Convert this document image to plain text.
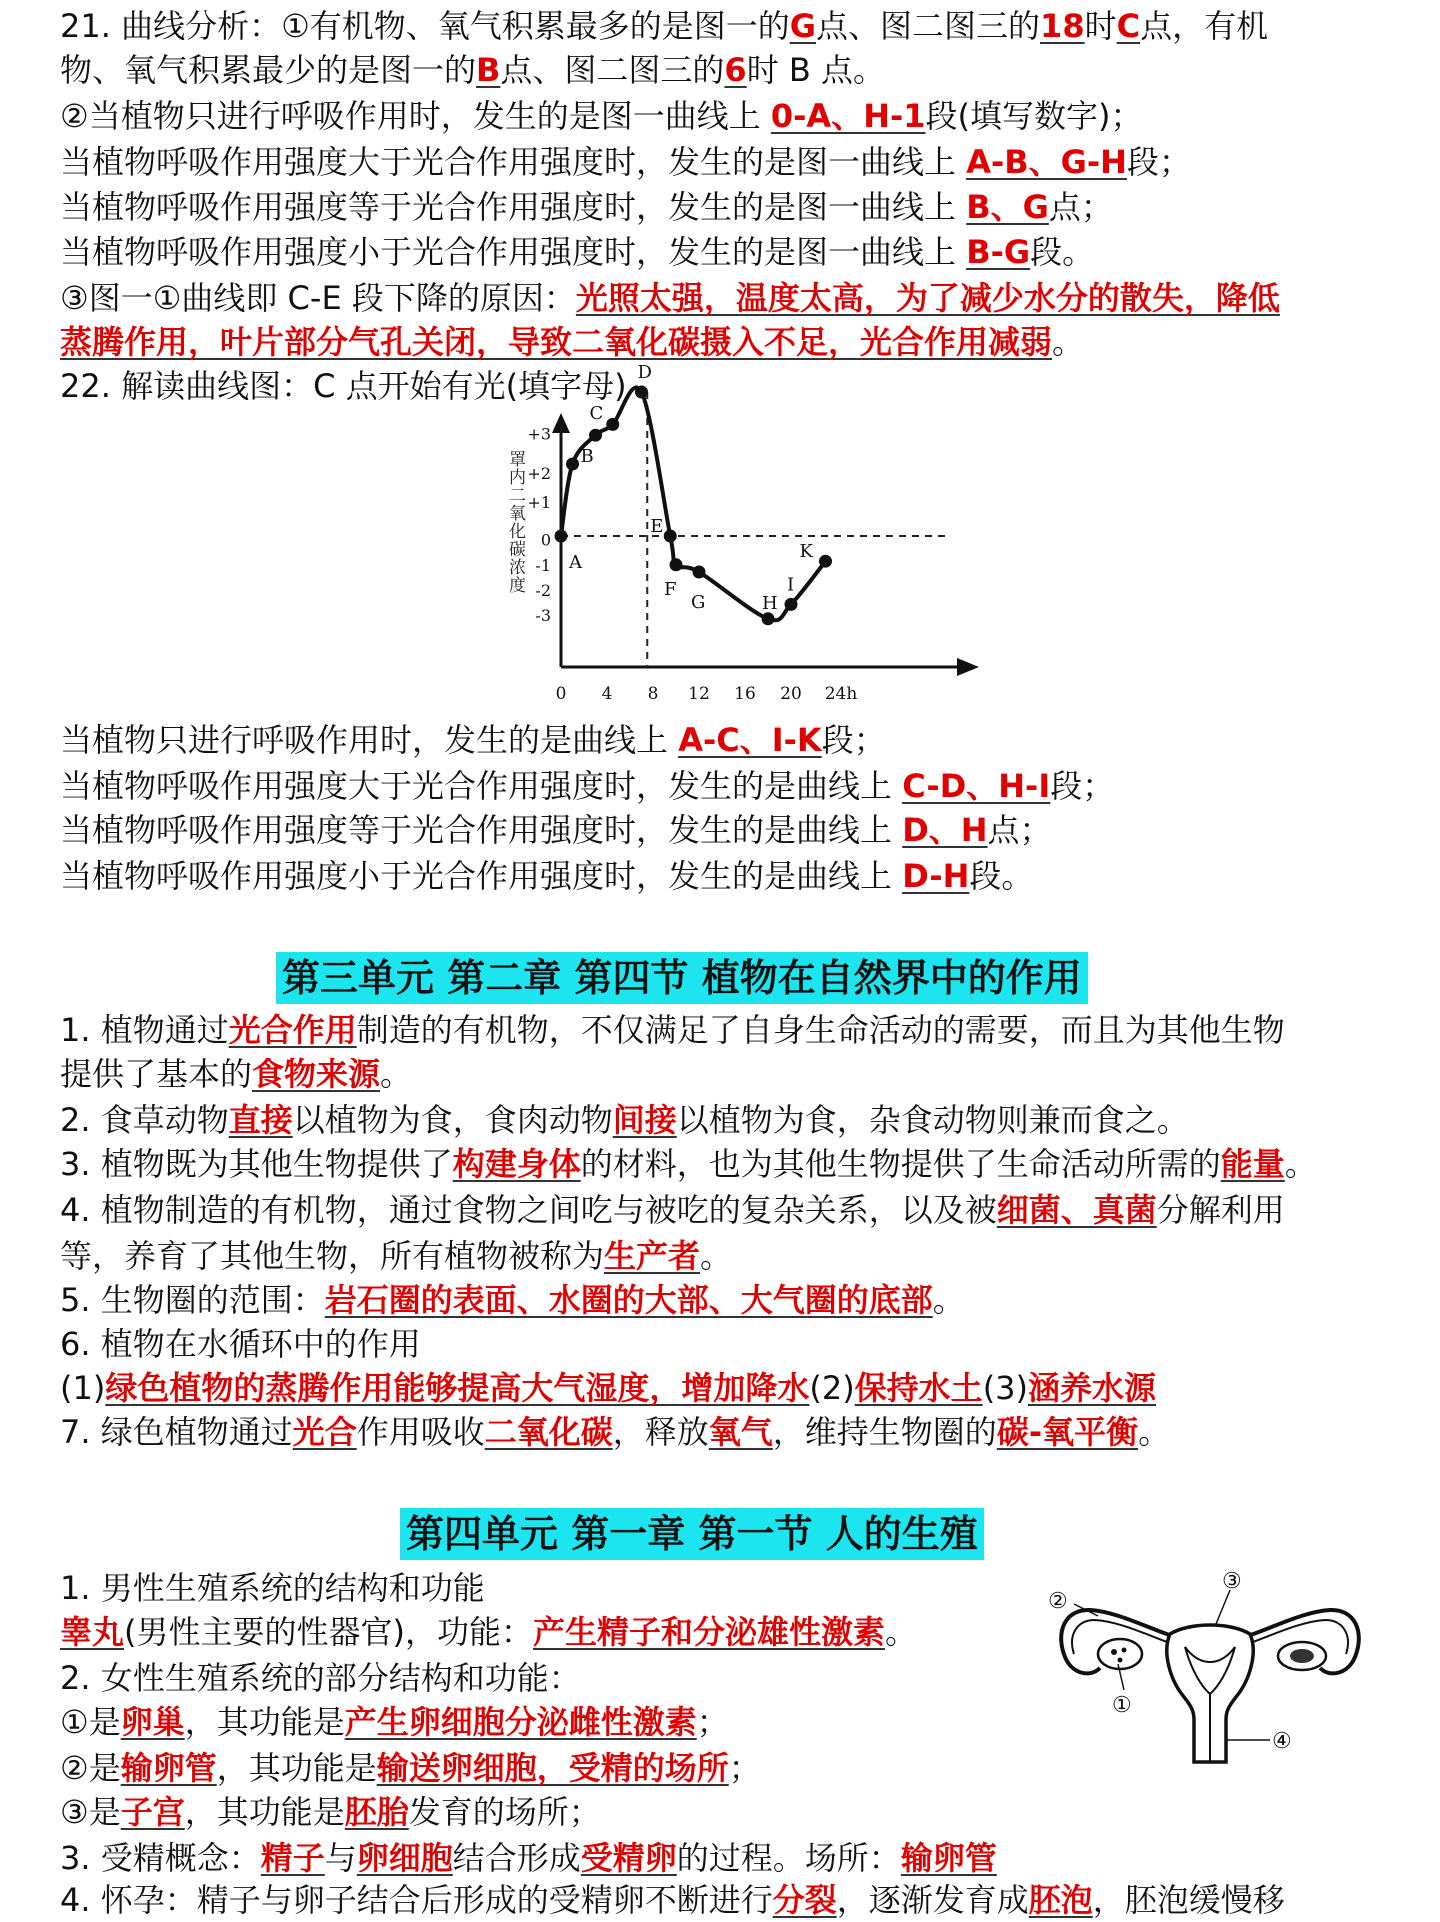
21. 曲线分析：①有机物、氧气积累最多的是图一的G点、图二图三的18时C点，有机
物、氧气积累最少的是图一的B点、图二图三的6时 B 点。
②当植物只进行呼吸作用时，发生的是图一曲线上 0-A、H-1段(填写数字)；
当植物呼吸作用强度大于光合作用强度时，发生的是图一曲线上 A-B、G-H段；
当植物呼吸作用强度等于光合作用强度时，发生的是图一曲线上 B、G点；
当植物呼吸作用强度小于光合作用强度时，发生的是图一曲线上 B-G段。
③图一①曲线即 C-E 段下降的原因：光照太强，温度太高，为了减少水分的散失，降低
蒸腾作用，叶片部分气孔关闭，导致二氧化碳摄入不足，光合作用减弱。
22. 解读曲线图：C 点开始有光(填字母)
罩内二氧化碳浓度
+3
+2
+1
0
-1
-2
-3
0 4 8 12 16 20 24h
A
B
C
D
E
F
G	H
I
K
当植物只进行呼吸作用时，发生的是曲线上 A-C、I-K段；
当植物呼吸作用强度大于光合作用强度时，发生的是曲线上 C-D、H-I段；
当植物呼吸作用强度等于光合作用强度时，发生的是曲线上 D、H点；
当植物呼吸作用强度小于光合作用强度时，发生的是曲线上 D-H段。
第三单元 第二章 第四节 植物在自然界中的作用
1. 植物通过光合作用制造的有机物，不仅满足了自身生命活动的需要，而且为其他生物
提供了基本的食物来源。
2. 食草动物直接以植物为食，食肉动物间接以植物为食，杂食动物则兼而食之。
3. 植物既为其他生物提供了构建身体的材料，也为其他生物提供了生命活动所需的能量。
4. 植物制造的有机物，通过食物之间吃与被吃的复杂关系，以及被细菌、真菌分解利用
等，养育了其他生物，所有植物被称为生产者。
5. 生物圈的范围：岩石圈的表面、水圈的大部、大气圈的底部。
6. 植物在水循环中的作用
(1)绿色植物的蒸腾作用能够提高大气湿度，增加降水(2)保持水土(3)涵养水源
7. 绿色植物通过光合作用吸收二氧化碳，释放氧气，维持生物圈的碳-氧平衡。
第四单元 第一章 第一节 人的生殖
1. 男性生殖系统的结构和功能
睾丸(男性主要的性器官)，功能：产生精子和分泌雄性激素。
2. 女性生殖系统的部分结构和功能：
①是卵巢，其功能是产生卵细胞分泌雌性激素；
②是输卵管，其功能是输送卵细胞，受精的场所；
③是子宫，其功能是胚胎发育的场所；
3. 受精概念：精子与卵细胞结合形成受精卵的过程。场所：输卵管
4. 怀孕：精子与卵子结合后形成的受精卵不断进行分裂，逐渐发育成胚泡，胚泡缓慢移
②
③
①
④
